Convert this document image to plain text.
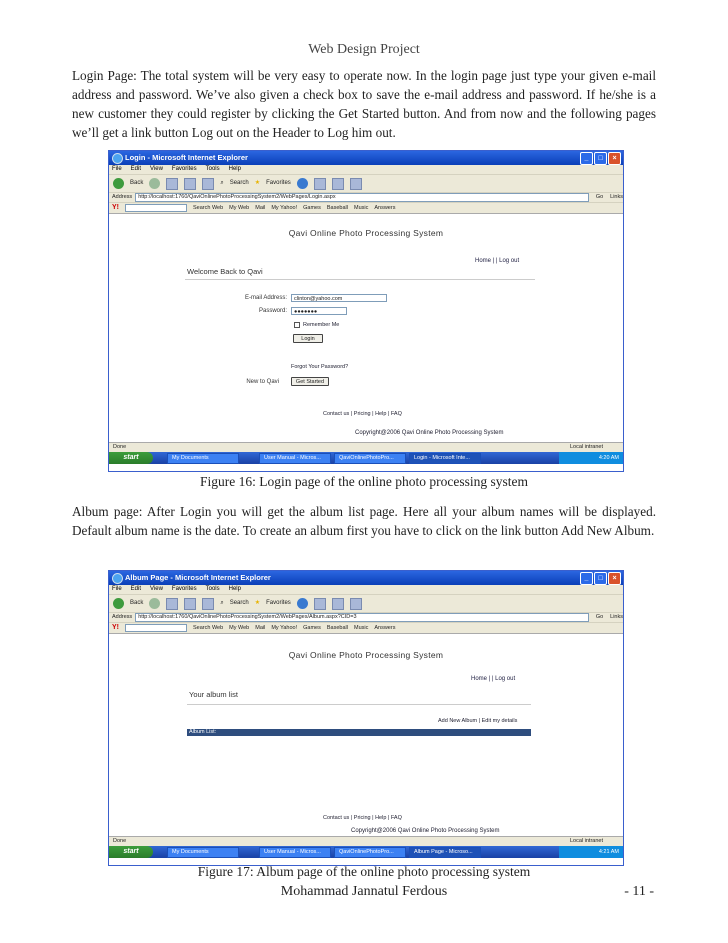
Web Design Project
Login Page: The total system will be very easy to operate now. In the login page just type your given e-mail address and password. We’ve also given a check box to save the e-mail address and password. If he/she is a new customer they could register by clicking the Get Started button. And from now and the following pages we’ll get a link button Log out on the Header to Log him out.
Login - Microsoft Internet Explorer	_	□	×
File Edit View Favorites Tools Help
Back	⌕ Search ★ Favorites
Address	http://localhost:1760/QaviOnlinePhotoProcessingSystem2/WebPages/Login.aspx	Go	Links
Y!	Search Web My Web Mail My Yahoo! Games Baseball Music Answers
Qavi Online Photo Processing System
Home | | Log out
Welcome Back to Qavi
E-mail Address:	clinton@yahoo.com
Password:	●●●●●●●
Remember Me
Login
Forgot Your Password?
New to Qavi	Get Started
Contact us | Pricing | Help | FAQ
Copyright@2006 Qavi Online Photo Processing System
Done	Local intranet
start	My Documents	User Manual - Micros...	QaviOnlinePhotoPro...	Login - Microsoft Inte...	4:20 AM
Figure 16: Login page of the online photo processing system
Album page: After Login you will get the album list page. Here all your album names will be displayed. Default album name is the date. To create an album first you have to click on the link button Add New Album.
Album Page - Microsoft Internet Explorer	_	□	×
File Edit View Favorites Tools Help
Back	⌕ Search ★ Favorites
Address	http://localhost:1760/QaviOnlinePhotoProcessingSystem2/WebPages/Album.aspx?CID=3	Go	Links
Y!	Search Web My Web Mail My Yahoo! Games Baseball Music Answers
Qavi Online Photo Processing System
Home | | Log out
Your album list
Add New Album | Edit my details
Album List:
Contact us | Pricing | Help | FAQ
Copyright@2006 Qavi Online Photo Processing System
Done	Local intranet
start	My Documents	User Manual - Micros...	QaviOnlinePhotoPro...	Album Page - Microso...	4:21 AM
Figure 17: Album page of the online photo processing system
Mohammad Jannatul Ferdous	- 11 -
